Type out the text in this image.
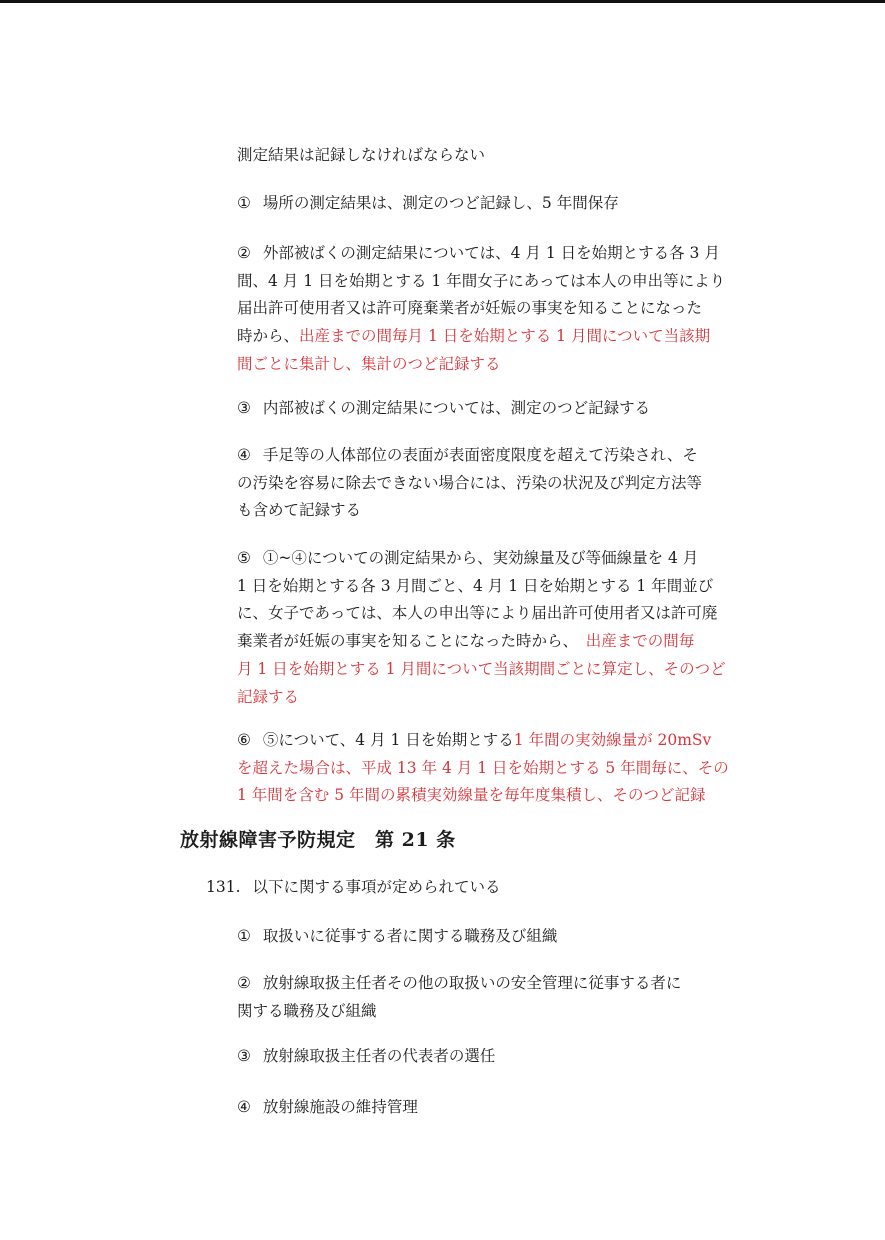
測定結果は記録しなければならない
放射線障害予防規定　第 21 条
① 場所の測定結果は、測定のつど記録し、5 年間保存
② 外部被ばくの測定結果については、4 月 1 日を始期とする各 3 月
間、4 月 1 日を始期とする 1 年間女子にあっては本人の申出等により
届出許可使用者又は許可廃棄業者が妊娠の事実を知ることになった
時から、出産までの間毎月 1 日を始期とする 1 月間について当該期
間ごとに集計し、集計のつど記録する
③ 内部被ばくの測定結果については、測定のつど記録する
④ 手足等の人体部位の表面が表面密度限度を超えて汚染され、そ
の汚染を容易に除去できない場合には、汚染の状況及び判定方法等
も含めて記録する
⑤ ①~④についての測定結果から、実効線量及び等価線量を 4 月
1 日を始期とする各 3 月間ごと、4 月 1 日を始期とする 1 年間並び
に、女子であっては、本人の申出等により届出許可使用者又は許可廃
棄業者が妊娠の事実を知ることになった時から、　出産までの間毎
月 1 日を始期とする 1 月間について当該期間ごとに算定し、そのつど
記録する
⑥ ⑤について、4 月 1 日を始期とする1 年間の実効線量が 20mSv
を超えた場合は、平成 13 年 4 月 1 日を始期とする 5 年間毎に、その
1 年間を含む 5 年間の累積実効線量を毎年度集積し、そのつど記録
131. 以下に関する事項が定められている
① 取扱いに従事する者に関する職務及び組織
② 放射線取扱主任者その他の取扱いの安全管理に従事する者に
関する職務及び組織
③ 放射線取扱主任者の代表者の選任
④ 放射線施設の維持管理
